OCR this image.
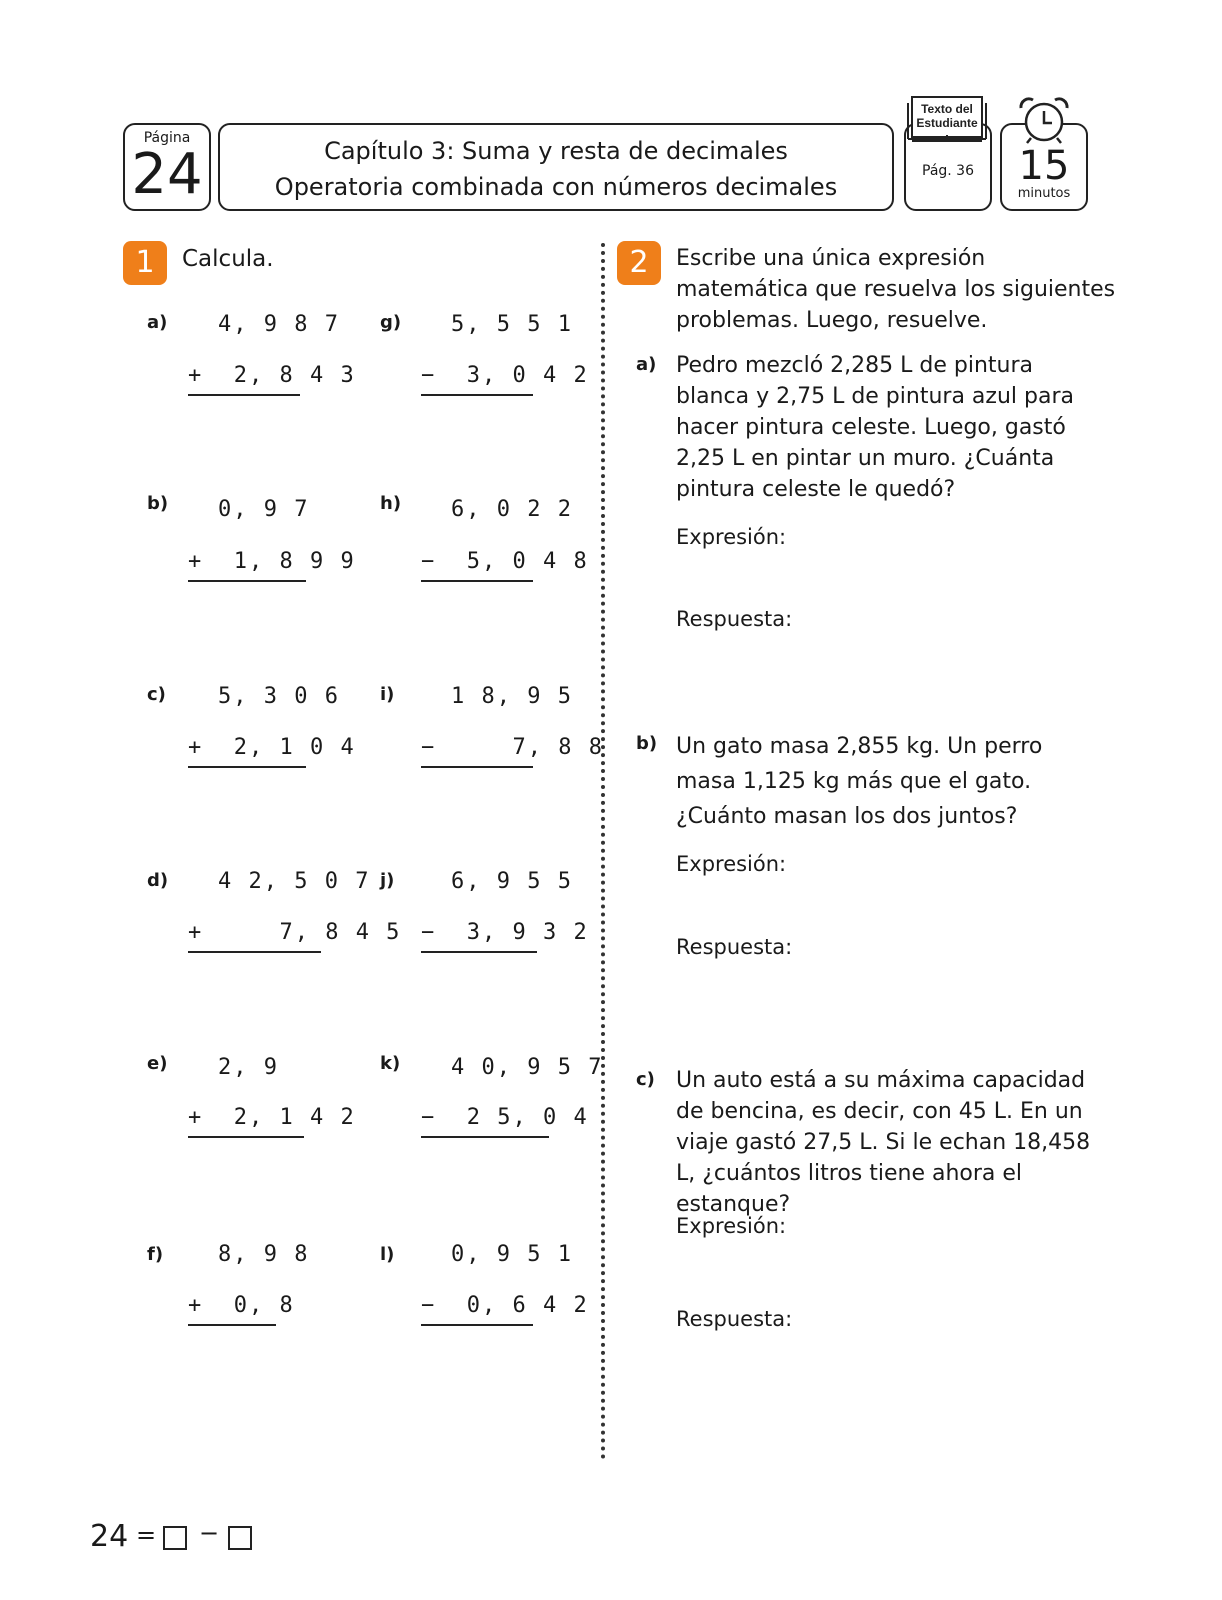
Página
24	Capítulo 3: Suma y resta de decimales
Operatoria combinada con números decimales
Texto del
Estudiante
Pág. 36	15
minutos
1	Calcula.
a) 4, 9 8 7
+  2, 8 4 3
b) 0, 9 7
+  1, 8 9 9
c) 5, 3 0 6
+  2, 1 0 4
d) 4 2, 5 0 7
+     7, 8 4 5
e) 2, 9
+  2, 1 4 2
f) 8, 9 8
+  0, 8
g) 5, 5 5 1
−  3, 0 4 2
h) 6, 0 2 2
−  5, 0 4 8
i)	1 8, 9 5
−     7, 8 8
j)	6, 9 5 5
−  3, 9 3 2
k) 4 0, 9 5 7
−  2 5, 0 4
l)	0, 9 5 1
−  0, 6 4 2
2	Escribe una única expresión matemática que resuelva los siguientes problemas. Luego, resuelve.
a) Pedro mezcló 2,285 L de pintura blanca y 2,75 L de pintura azul para hacer pintura celeste. Luego, gastó 2,25 L en pintar un muro. ¿Cuánta pintura celeste le quedó?
Expresión:
Respuesta:
b) Un gato masa 2,855 kg. Un perro masa 1,125 kg más que el gato. ¿Cuánto masan los dos juntos?
Expresión:
Respuesta:
c) Un auto está a su máxima capacidad de bencina, es decir, con 45 L. En un viaje gastó 27,5 L. Si le echan 18,458 L, ¿cuántos litros tiene ahora el estanque?
Expresión:
Respuesta:
24 = −
